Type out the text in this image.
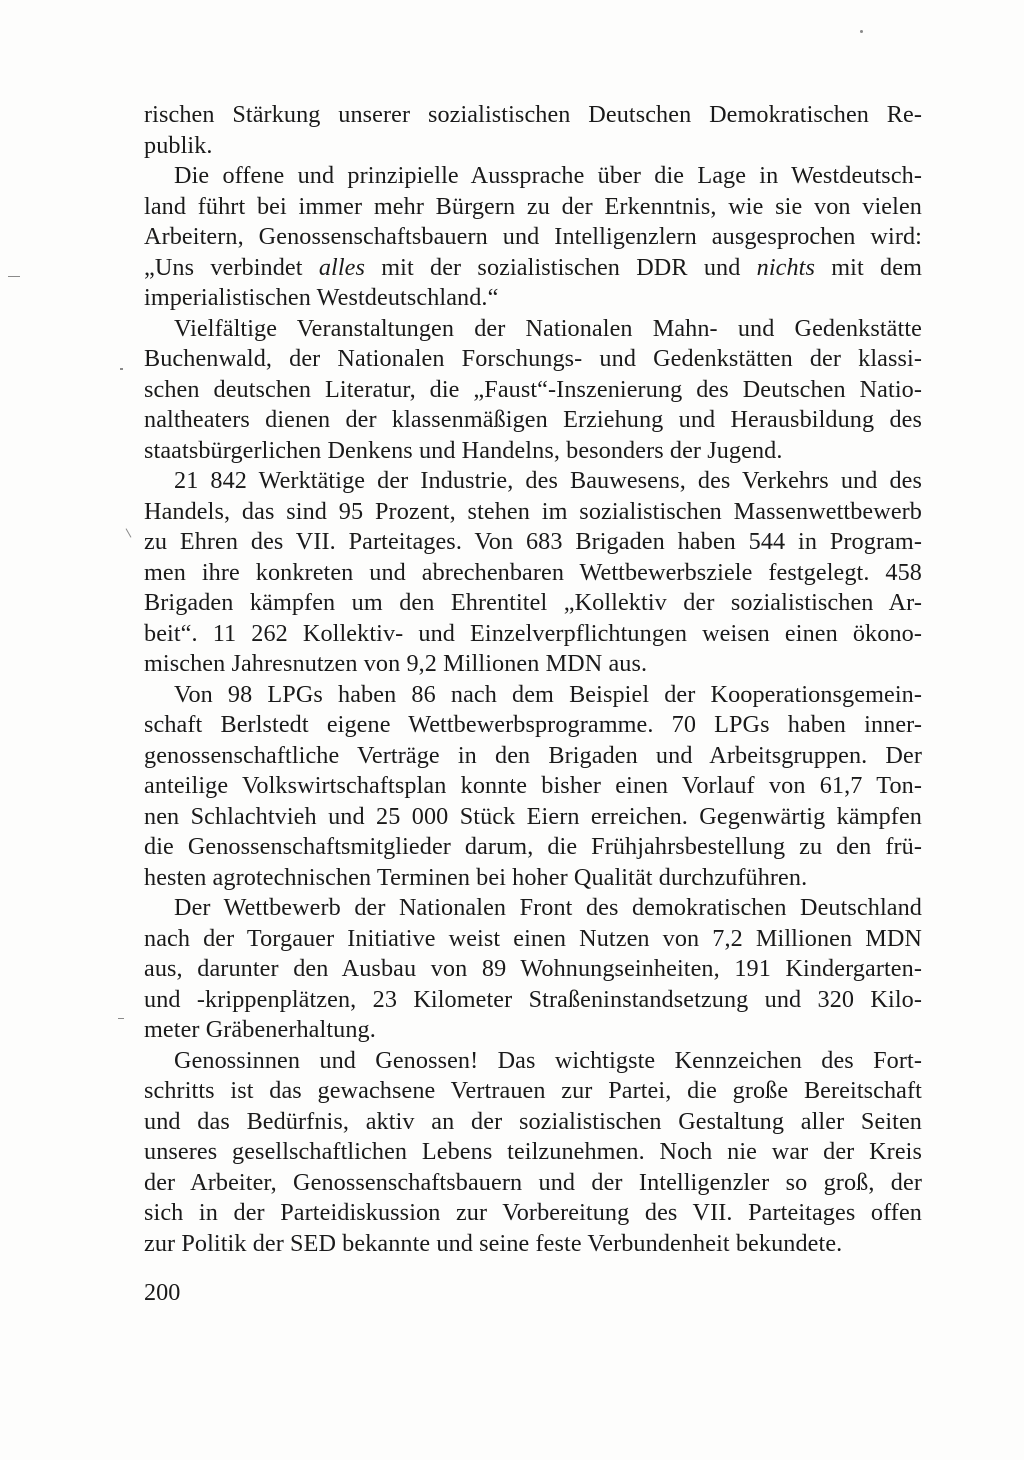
rischen Stärkung unserer sozialistischen Deutschen Demokratischen Re-
publik.
Die offene und prinzipielle Aussprache über die Lage in Westdeutsch-
land führt bei immer mehr Bürgern zu der Erkenntnis, wie sie von vielen
Arbeitern, Genossenschaftsbauern und Intelligenzlern ausgesprochen wird:
„Uns verbindet alles mit der sozialistischen DDR und nichts mit dem
imperialistischen Westdeutschland.“
Vielfältige Veranstaltungen der Nationalen Mahn- und Gedenkstätte
Buchenwald, der Nationalen Forschungs- und Gedenkstätten der klassi-
schen deutschen Literatur, die „Faust“-Inszenierung des Deutschen Natio-
naltheaters dienen der klassenmäßigen Erziehung und Herausbildung des
staatsbürgerlichen Denkens und Handelns, besonders der Jugend.
21 842 Werktätige der Industrie, des Bauwesens, des Verkehrs und des
Handels, das sind 95 Prozent, stehen im sozialistischen Massenwettbewerb
zu Ehren des VII. Parteitages. Von 683 Brigaden haben 544 in Program-
men ihre konkreten und abrechenbaren Wettbewerbsziele festgelegt. 458
Brigaden kämpfen um den Ehrentitel „Kollektiv der sozialistischen Ar-
beit“. 11 262 Kollektiv- und Einzelverpflichtungen weisen einen ökono-
mischen Jahresnutzen von 9,2 Millionen MDN aus.
Von 98 LPGs haben 86 nach dem Beispiel der Kooperationsgemein-
schaft Berlstedt eigene Wettbewerbsprogramme. 70 LPGs haben inner-
genossenschaftliche Verträge in den Brigaden und Arbeitsgruppen. Der
anteilige Volkswirtschaftsplan konnte bisher einen Vorlauf von 61,7 Ton-
nen Schlachtvieh und 25 000 Stück Eiern erreichen. Gegenwärtig kämpfen
die Genossenschaftsmitglieder darum, die Frühjahrsbestellung zu den frü-
hesten agrotechnischen Terminen bei hoher Qualität durchzuführen.
Der Wettbewerb der Nationalen Front des demokratischen Deutschland
nach der Torgauer Initiative weist einen Nutzen von 7,2 Millionen MDN
aus, darunter den Ausbau von 89 Wohnungseinheiten, 191 Kindergarten-
und -krippenplätzen, 23 Kilometer Straßeninstandsetzung und 320 Kilo-
meter Gräbenerhaltung.
Genossinnen und Genossen! Das wichtigste Kennzeichen des Fort-
schritts ist das gewachsene Vertrauen zur Partei, die große Bereitschaft
und das Bedürfnis, aktiv an der sozialistischen Gestaltung aller Seiten
unseres gesellschaftlichen Lebens teilzunehmen. Noch nie war der Kreis
der Arbeiter, Genossenschaftsbauern und der Intelligenzler so groß, der
sich in der Parteidiskussion zur Vorbereitung des VII. Parteitages offen
zur Politik der SED bekannte und seine feste Verbundenheit bekundete.
200
